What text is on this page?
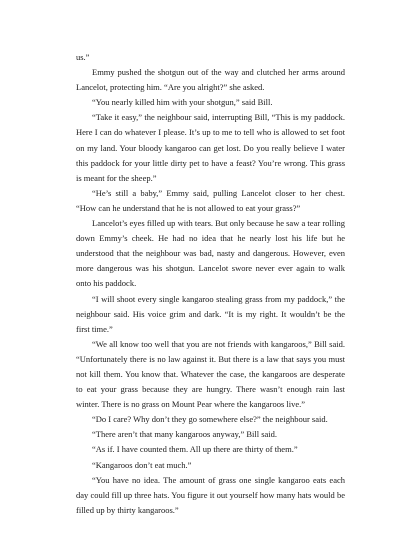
us.”

Emmy pushed the shotgun out of the way and clutched her arms around Lancelot, protecting him. “Are you alright?” she asked.

“You nearly killed him with your shotgun,” said Bill.

“Take it easy,” the neighbour said, interrupting Bill, “This is my paddock. Here I can do whatever I please. It’s up to me to tell who is allowed to set foot on my land. Your bloody kangaroo can get lost. Do you really believe I water this paddock for your little dirty pet to have a feast? You’re wrong. This grass is meant for the sheep.”

“He’s still a baby,” Emmy said, pulling Lancelot closer to her chest. “How can he understand that he is not allowed to eat your grass?”

Lancelot’s eyes filled up with tears. But only because he saw a tear rolling down Emmy’s cheek. He had no idea that he nearly lost his life but he understood that the neighbour was bad, nasty and dangerous. However, even more dangerous was his shotgun. Lancelot swore never ever again to walk onto his paddock.

“I will shoot every single kangaroo stealing grass from my paddock,” the neighbour said. His voice grim and dark. “It is my right. It wouldn’t be the first time.”

“We all know too well that you are not friends with kangaroos,” Bill said. “Unfortunately there is no law against it. But there is a law that says you must not kill them. You know that. Whatever the case, the kangaroos are desperate to eat your grass because they are hungry. There wasn’t enough rain last winter. There is no grass on Mount Pear where the kangaroos live.”

“Do I care? Why don’t they go somewhere else?” the neighbour said.

“There aren’t that many kangaroos anyway,” Bill said.

“As if. I have counted them. All up there are thirty of them.”

“Kangaroos don’t eat much.”

“You have no idea. The amount of grass one single kangaroo eats each day could fill up three hats. You figure it out yourself how many hats would be filled up by thirty kangaroos.”
